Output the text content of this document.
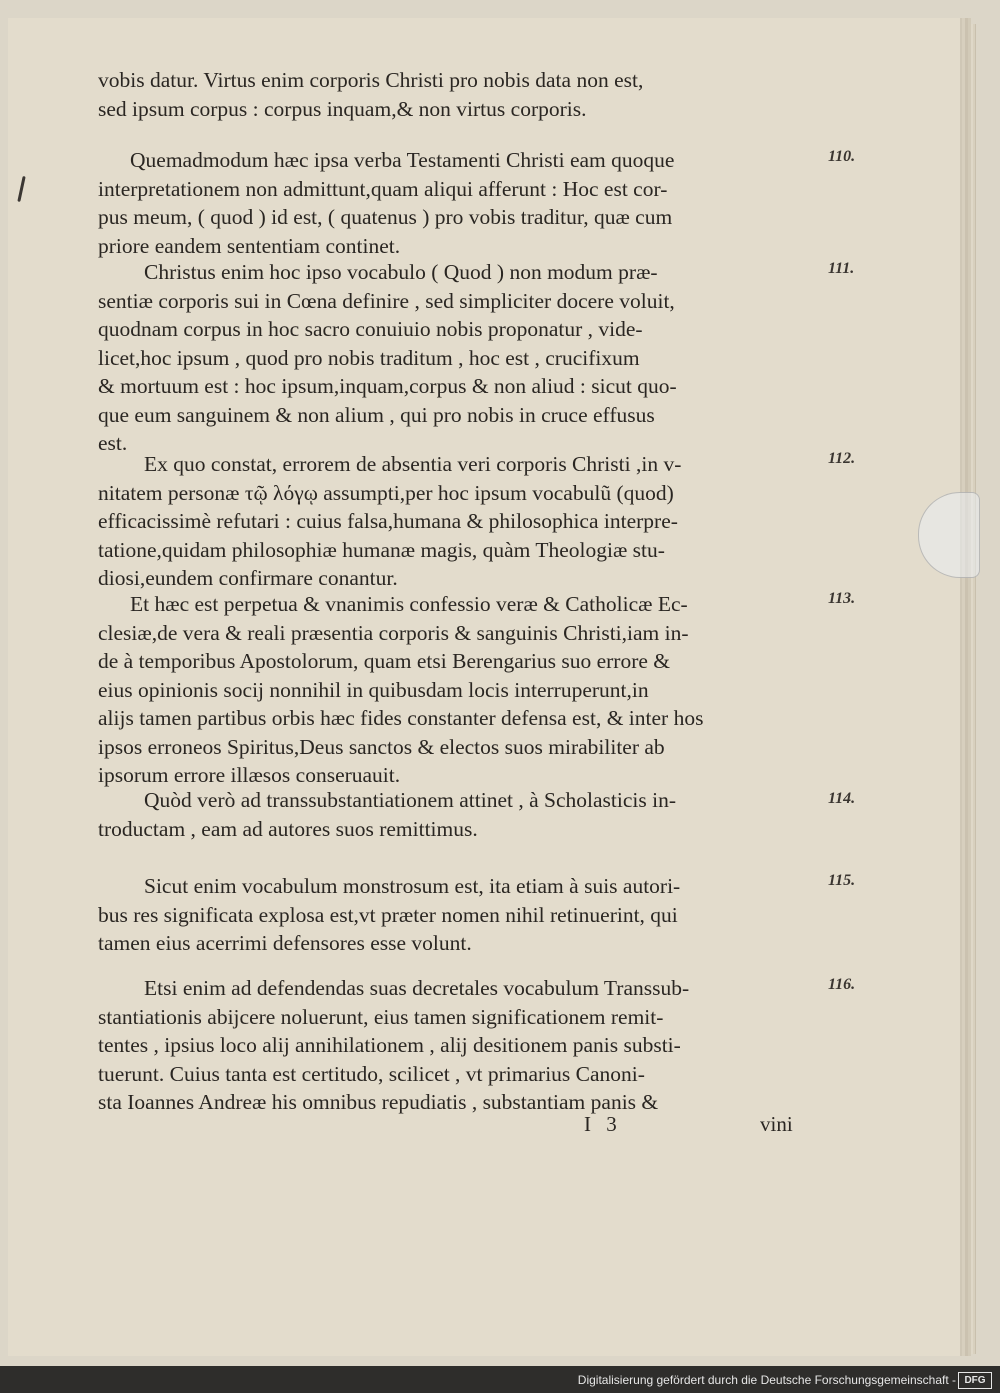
vobis datur. Virtus enim corporis Christi pro nobis data non est,
sed ipsum corpus : corpus inquam,& non virtus corporis.
110.
Quemadmodum hæc ipsa verba Testamenti Christi eam quoque
interpretationem non admittunt,quam aliqui afferunt : Hoc est cor-
pus meum, ( quod ) id est, ( quatenus ) pro vobis traditur, quæ cum
priore eandem sententiam continet.
111.
Christus enim hoc ipso vocabulo ( Quod ) non modum præ-
sentiæ corporis sui in Cœna definire , sed simpliciter docere voluit,
quodnam corpus in hoc sacro conuiuio nobis proponatur , vide-
licet,hoc ipsum , quod pro nobis traditum , hoc est , crucifixum
& mortuum est : hoc ipsum,inquam,corpus & non aliud : sicut quo-
que eum sanguinem & non alium , qui pro nobis in cruce effusus
est.
112.
Ex quo constat, errorem de absentia veri corporis Christi ,in v-
nitatem personæ τῷ λόγῳ assumpti,per hoc ipsum vocabulũ (quod)
efficacissimè refutari : cuius falsa,humana & philosophica interpre-
tatione,quidam philosophiæ humanæ magis, quàm Theologiæ stu-
diosi,eundem confirmare conantur.
113.
Et hæc est perpetua & vnanimis confessio veræ & Catholicæ Ec-
clesiæ,de vera & reali præsentia corporis & sanguinis Christi,iam in-
de à temporibus Apostolorum, quam etsi Berengarius suo errore &
eius opinionis socij nonnihil in quibusdam locis interruperunt,in
alijs tamen partibus orbis hæc fides constanter defensa est, & inter hos
ipsos erroneos Spiritus,Deus sanctos & electos suos mirabiliter ab
ipsorum errore illæsos conseruauit.
114.
Quòd verò ad transsubstantiationem attinet , à Scholasticis in-
troductam , eam ad autores suos remittimus.
115.
Sicut enim vocabulum monstrosum est, ita etiam à suis autori-
bus res significata explosa est,vt præter nomen nihil retinuerint, qui
tamen eius acerrimi defensores esse volunt.
116.
Etsi enim ad defendendas suas decretales vocabulum Transsub-
stantiationis abijcere noluerunt, eius tamen significationem remit-
tentes , ipsius loco alij annihilationem , alij desitionem panis substi-
tuerunt. Cuius tanta est certitudo, scilicet , vt primarius Canoni-
sta Ioannes Andreæ his omnibus repudiatis , substantiam panis &
I 3	vini
Digitalisierung gefördert durch die Deutsche Forschungsgemeinschaft - DFG
